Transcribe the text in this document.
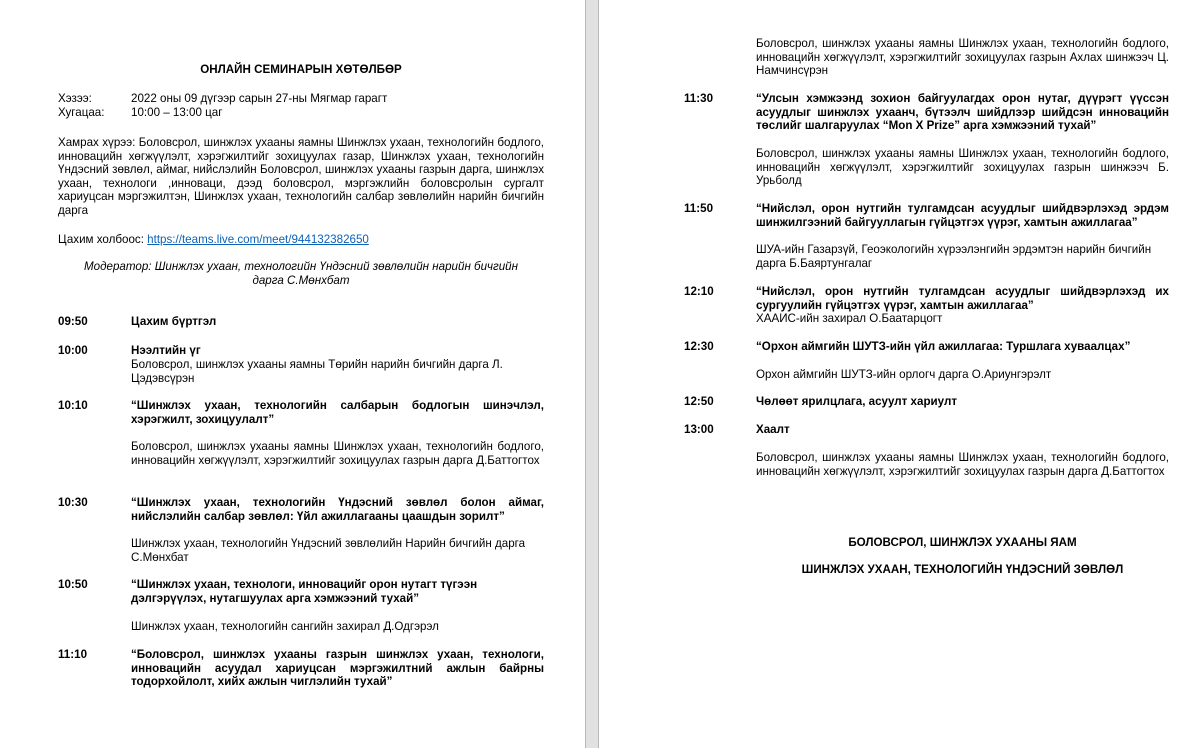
ОНЛАЙН СЕМИНАРЫН ХӨТӨЛБӨР
Хэзээ:	2022 оны 09 дүгээр сарын 27-ны Мягмар гарагт
Хугацаа: 10:00 – 13:00 цаг
Хамрах хүрээ: Боловсрол, шинжлэх ухааны яамны Шинжлэх ухаан, технологийн бодлого, инновацийн хөгжүүлэлт, хэрэгжилтийг зохицуулах газар, Шинжлэх ухаан, технологийн Үндэсний зөвлөл, аймаг, нийслэлийн Боловсрол, шинжлэх ухааны газрын дарга, шинжлэх ухаан, технологи ,инноваци, дээд боловсрол, мэргэжлийн боловсролын сургалт хариуцсан мэргэжилтэн, Шинжлэх ухаан, технологийн салбар зөвлөлийн нарийн бичгийн дарга
Цахим холбоос: https://teams.live.com/meet/944132382650
Модератор: Шинжлэх ухаан, технологийн Үндэсний зөвлөлийн нарийн бичгийн дарга С.Мөнхбат
09:50	Цахим бүртгэл
10:00	Нээлтийн үг
Боловсрол, шинжлэх ухааны яамны Төрийн нарийн бичгийн дарга Л. Цэдэвсүрэн
10:10	“Шинжлэх ухаан, технологийн салбарын бодлогын шинэчлэл, хэрэгжилт, зохицуулалт”
Боловсрол, шинжлэх ухааны яамны Шинжлэх ухаан, технологийн бодлого, инновацийн хөгжүүлэлт, хэрэгжилтийг зохицуулах газрын дарга Д.Баттогтох
10:30	“Шинжлэх ухаан, технологийн Үндэсний зөвлөл болон аймаг, нийслэлийн салбар зөвлөл: Үйл ажиллагааны цаашдын зорилт”
Шинжлэх ухаан, технологийн Үндэсний зөвлөлийн Нарийн бичгийн дарга С.Мөнхбат
10:50	“Шинжлэх ухаан, технологи, инновацийг орон нутагт түгээн дэлгэрүүлэх, нутагшуулах арга хэмжээний тухай”
Шинжлэх ухаан, технологийн сангийн захирал Д.Одгэрэл
11:10	“Боловсрол, шинжлэх ухааны газрын шинжлэх ухаан, технологи, инновацийн асуудал хариуцсан мэргэжилтний ажлын байрны тодорхойлолт, хийх ажлын чиглэлийн тухай”
Боловсрол, шинжлэх ухааны яамны Шинжлэх ухаан, технологийн бодлого, инновацийн хөгжүүлэлт, хэрэгжилтийг зохицуулах газрын Ахлах шинжээч Ц. Намчинсүрэн
11:30	“Улсын хэмжээнд зохион байгуулагдах орон нутаг, дүүрэгт үүссэн асуудлыг шинжлэх ухаанч, бүтээлч шийдлээр шийдсэн инновацийн төслийг шалгаруулах “Mon X Prize” арга хэмжээний тухай”
Боловсрол, шинжлэх ухааны яамны Шинжлэх ухаан, технологийн бодлого, инновацийн хөгжүүлэлт, хэрэгжилтийг зохицуулах газрын шинжээч Б. Урьболд
11:50	“Нийслэл, орон нутгийн тулгамдсан асуудлыг шийдвэрлэхэд эрдэм шинжилгээний байгууллагын гүйцэтгэх үүрэг, хамтын ажиллагаа”
ШУА-ийн Газарзүй, Геоэкологийн хүрээлэнгийн эрдэмтэн нарийн бичгийн дарга Б.Баяртунгалаг
12:10	“Нийслэл, орон нутгийн тулгамдсан асуудлыг шийдвэрлэхэд их сургуулийн гүйцэтгэх үүрэг, хамтын ажиллагаа”
ХААИС-ийн захирал О.Баатарцогт
12:30	“Орхон аймгийн ШУТЗ-ийн үйл ажиллагаа: Туршлага хуваалцах”
Орхон аймгийн ШУТЗ-ийн орлогч дарга О.Ариунгэрэлт
12:50	Чөлөөт ярилцлага, асуулт хариулт
13:00	Хаалт
Боловсрол, шинжлэх ухааны яамны Шинжлэх ухаан, технологийн бодлого, инновацийн хөгжүүлэлт, хэрэгжилтийг зохицуулах газрын дарга Д.Баттогтох
БОЛОВСРОЛ, ШИНЖЛЭХ УХААНЫ ЯАМ
ШИНЖЛЭХ УХААН, ТЕХНОЛОГИЙН ҮНДЭСНИЙ ЗӨВЛӨЛ
